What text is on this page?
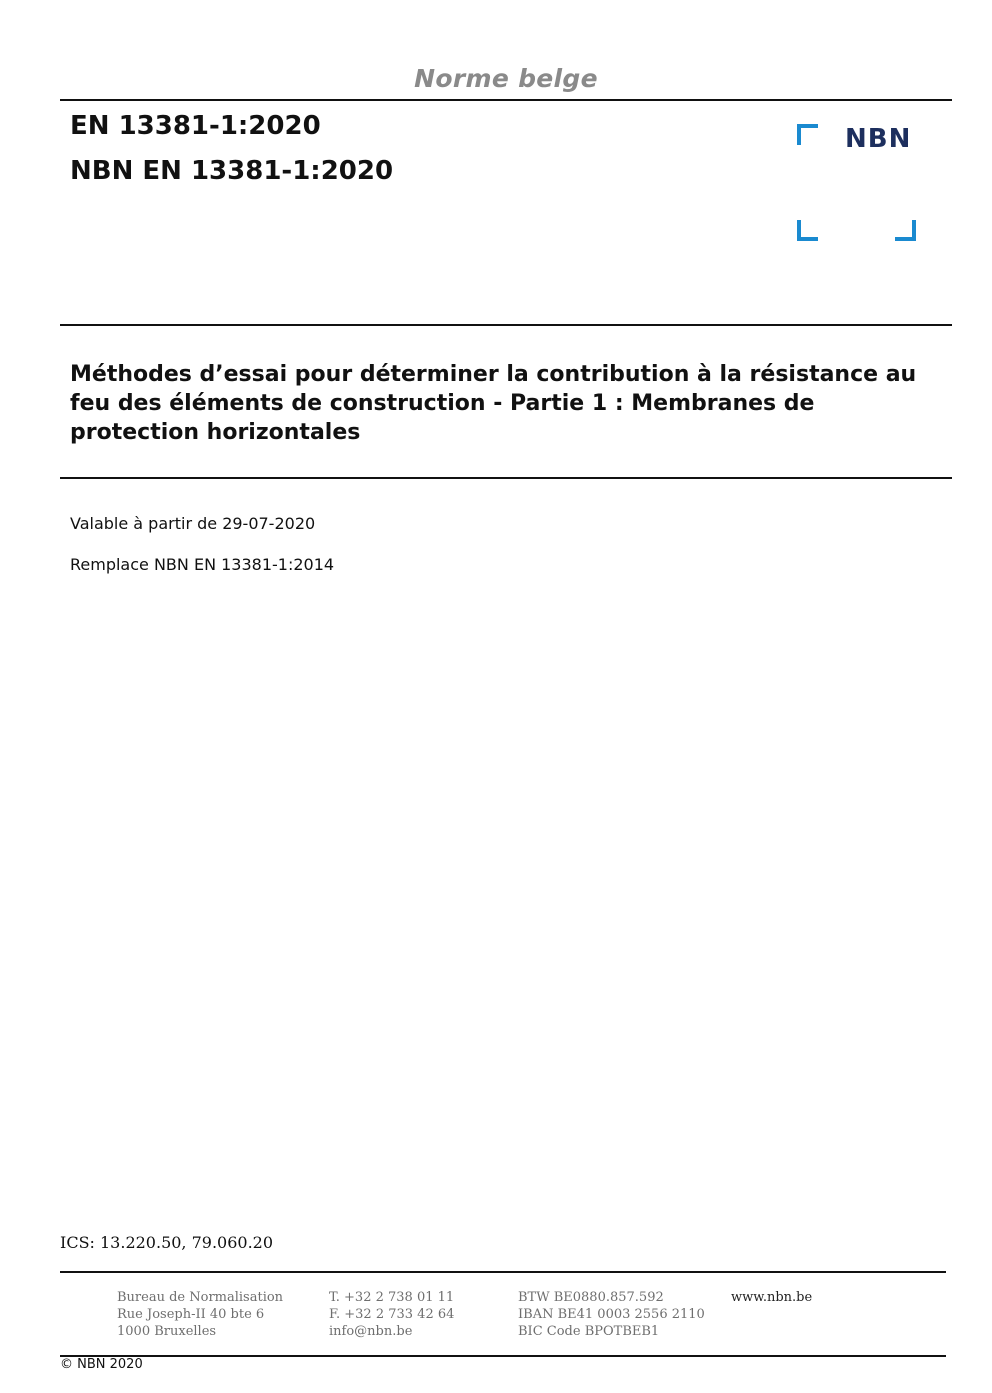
Norme belge
EN 13381-1:2020
NBN EN 13381-1:2020
NBN
Méthodes d’essai pour déterminer la contribution à la résistance au feu des éléments de construction - Partie 1 : Membranes de protection horizontales
Valable à partir de 29-07-2020
Remplace NBN EN 13381-1:2014
ICS: 13.220.50, 79.060.20
Bureau de Normalisation
Rue Joseph-II 40 bte 6
1000 Bruxelles
T. +32 2 738 01 11
F. +32 2 733 42 64
info@nbn.be
BTW BE0880.857.592
IBAN BE41 0003 2556 2110
BIC Code BPOTBEB1
www.nbn.be
© NBN 2020
